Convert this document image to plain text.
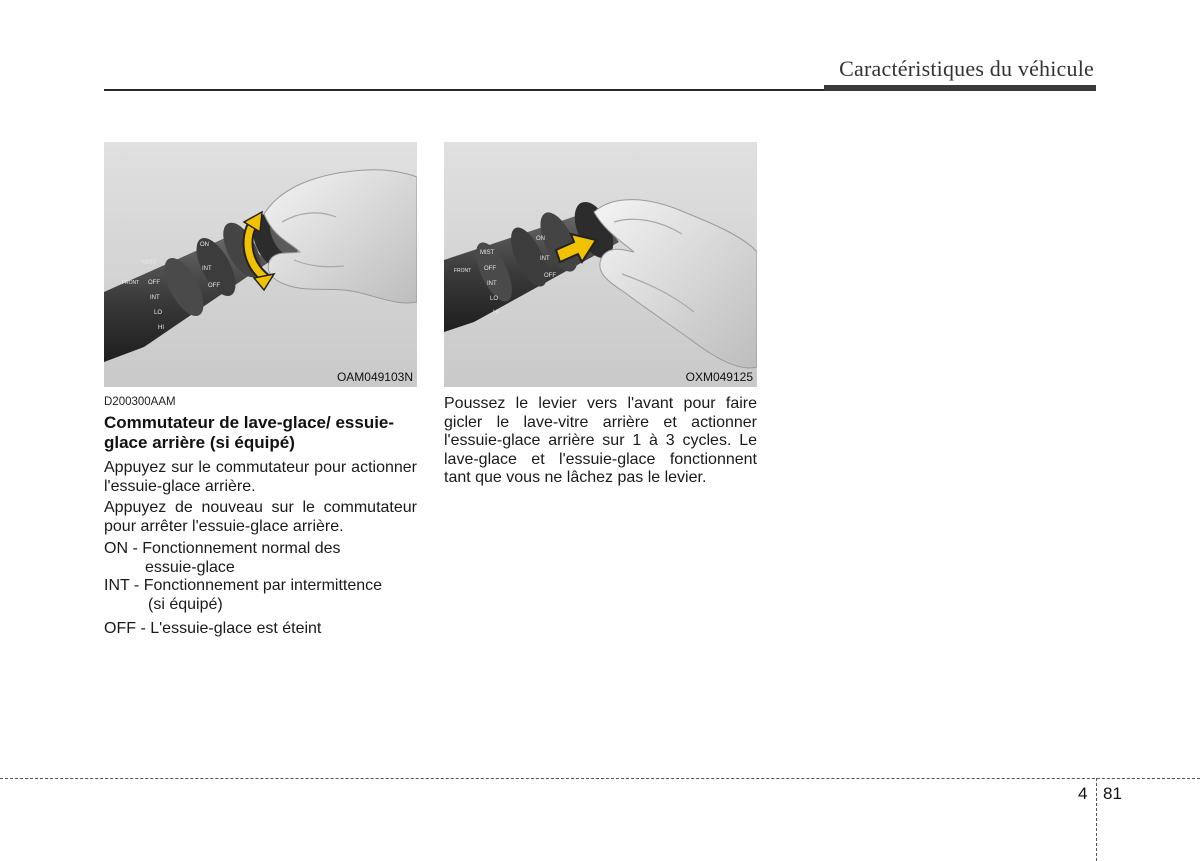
Caractéristiques du véhicule
MIST
OFF
INT
LO
HI
FRONT
ON
INT
OFF
OAM049103N
FRONT
MIST
OFF
INT
LO
HI
ON
INT
OFF
OXM049125
D200300AAM
Commutateur de lave-glace/ essuie-glace arrière (si équipé)
Appuyez sur le commutateur pour actionner l'essuie-glace arrière.
Appuyez de nouveau sur le commutateur pour arrêter l'essuie-glace arrière.
ON - Fonctionnement normal des
essuie-glace
INT - Fonctionnement par intermittence
(si équipé)
OFF - L'essuie-glace est éteint
Poussez le levier vers l'avant pour faire gicler le lave-vitre arrière et actionner l'essuie-glace arrière sur 1 à 3 cycles. Le lave-glace et l'essuie-glace fonctionnent tant que vous ne lâchez pas le levier.
4 81
